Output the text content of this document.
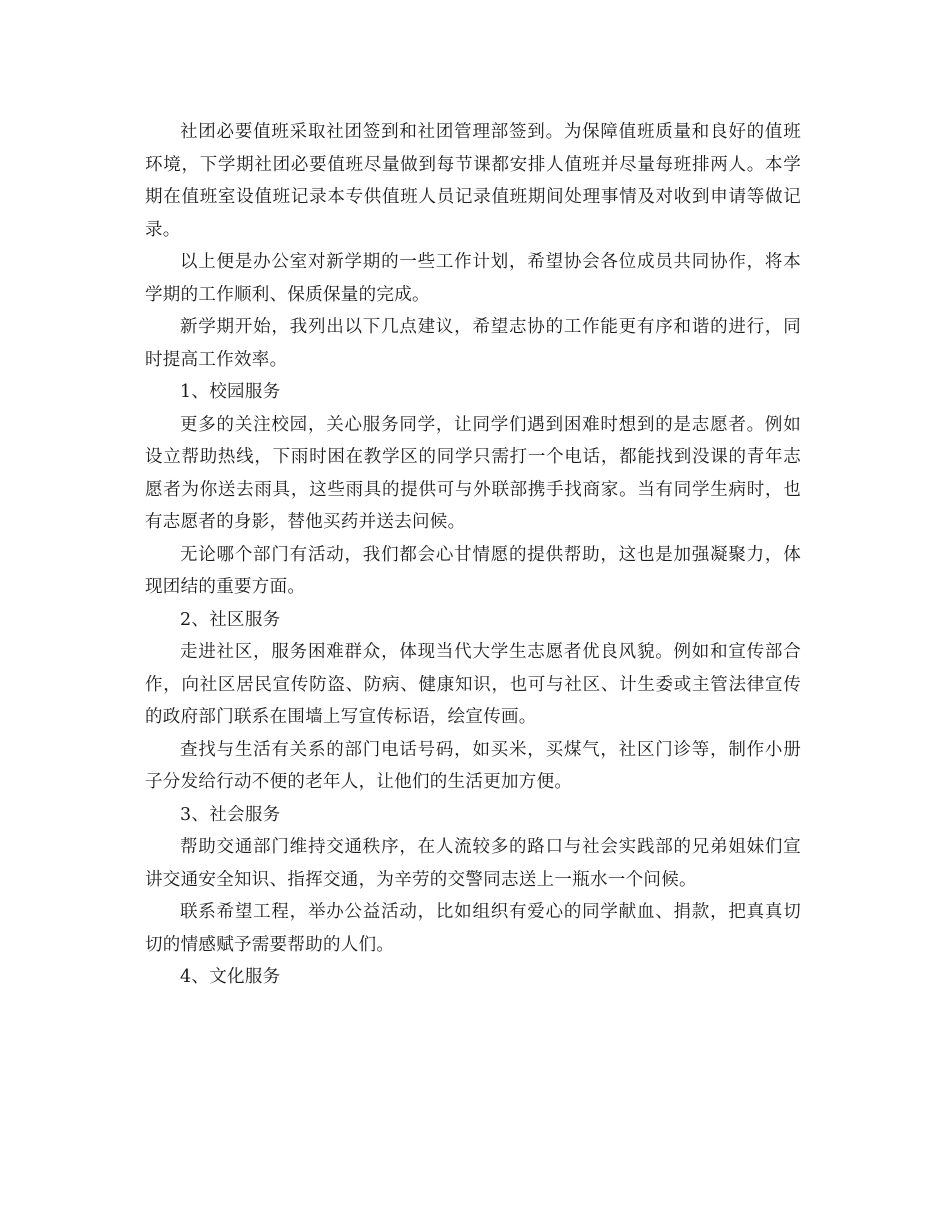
社团必要值班采取社团签到和社团管理部签到。为保障值班质量和良好的值班环境，下学期社团必要值班尽量做到每节课都安排人值班并尽量每班排两人。本学期在值班室设值班记录本专供值班人员记录值班期间处理事情及对收到申请等做记录。

以上便是办公室对新学期的一些工作计划，希望协会各位成员共同协作，将本学期的工作顺利、保质保量的完成。

新学期开始，我列出以下几点建议，希望志协的工作能更有序和谐的进行，同时提高工作效率。

1、校园服务

更多的关注校园，关心服务同学，让同学们遇到困难时想到的是志愿者。例如设立帮助热线，下雨时困在教学区的同学只需打一个电话，都能找到没课的青年志愿者为你送去雨具，这些雨具的提供可与外联部携手找商家。当有同学生病时，也有志愿者的身影，替他买药并送去问候。

无论哪个部门有活动，我们都会心甘情愿的提供帮助，这也是加强凝聚力，体现团结的重要方面。

2、社区服务

走进社区，服务困难群众，体现当代大学生志愿者优良风貌。例如和宣传部合作，向社区居民宣传防盗、防病、健康知识，也可与社区、计生委或主管法律宣传的政府部门联系在围墙上写宣传标语，绘宣传画。

查找与生活有关系的部门电话号码，如买米，买煤气，社区门诊等，制作小册子分发给行动不便的老年人，让他们的生活更加方便。

3、社会服务

帮助交通部门维持交通秩序，在人流较多的路口与社会实践部的兄弟姐妹们宣讲交通安全知识、指挥交通，为辛劳的交警同志送上一瓶水一个问候。

联系希望工程，举办公益活动，比如组织有爱心的同学献血、捐款，把真真切切的情感赋予需要帮助的人们。

4、文化服务
